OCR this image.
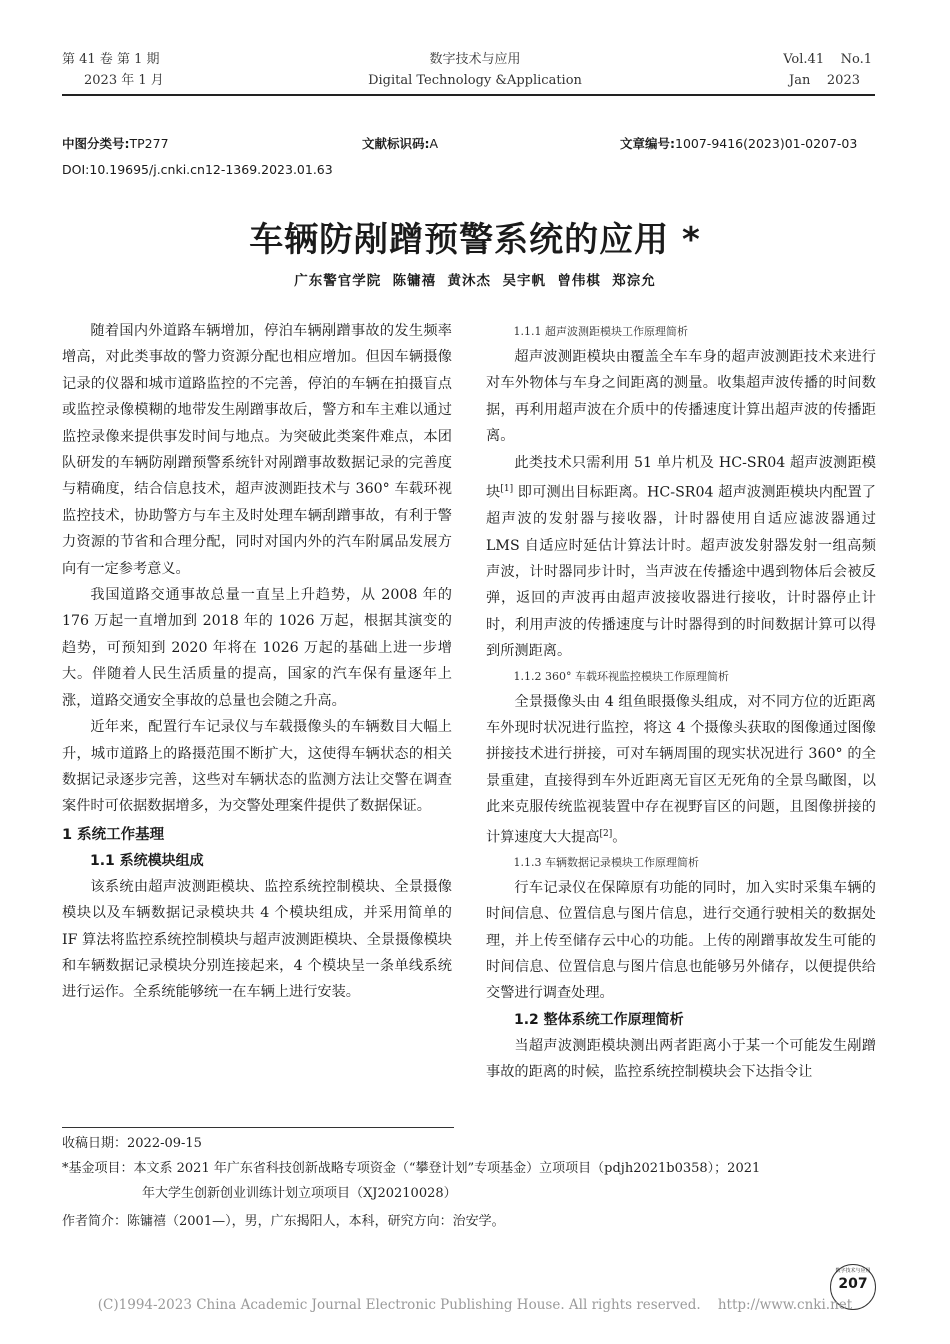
第 41 卷 第 1 期
2023 年 1 月
数字技术与应用
Digital Technology &Application
Vol.41    No.1
Jan    2023
中图分类号:TP277	文献标识码:A	文章编号:1007-9416(2023)01-0207-03
DOI:10.19695/j.cnki.cn12-1369.2023.01.63
车辆防剐蹭预警系统的应用 *
广东警官学院  陈镛禧  黄沐杰  吴宇帆  曾伟棋  郑淙允

随着国内外道路车辆增加，停泊车辆剐蹭事故的发生频率增高，对此类事故的警力资源分配也相应增加。但因车辆摄像记录的仪器和城市道路监控的不完善，停泊的车辆在拍摄盲点或监控录像模糊的地带发生剐蹭事故后，警方和车主难以通过监控录像来提供事发时间与地点。为突破此类案件难点，本团队研发的车辆防剐蹭预警系统针对剐蹭事故数据记录的完善度与精确度，结合信息技术，超声波测距技术与 360° 车载环视监控技术，协助警方与车主及时处理车辆刮蹭事故，有利于警力资源的节省和合理分配，同时对国内外的汽车附属品发展方向有一定参考意义。

我国道路交通事故总量一直呈上升趋势，从 2008 年的 176 万起一直增加到 2018 年的 1026 万起，根据其演变的趋势，可预知到 2020 年将在 1026 万起的基础上进一步增大。伴随着人民生活质量的提高，国家的汽车保有量逐年上涨，道路交通安全事故的总量也会随之升高。

近年来，配置行车记录仪与车载摄像头的车辆数目大幅上升，城市道路上的路摄范围不断扩大，这使得车辆状态的相关数据记录逐步完善，这些对车辆状态的监测方法让交警在调查案件时可依据数据增多，为交警处理案件提供了数据保证。

1 系统工作基理
1.1 系统模块组成

该系统由超声波测距模块、监控系统控制模块、全景摄像模块以及车辆数据记录模块共 4 个模块组成，并采用简单的 IF 算法将监控系统控制模块与超声波测距模块、全景摄像模块和车辆数据记录模块分别连接起来，4 个模块呈一条单线系统进行运作。全系统能够统一在车辆上进行安装。

1.1.1 超声波测距模块工作原理简析

超声波测距模块由覆盖全车车身的超声波测距技术来进行对车外物体与车身之间距离的测量。收集超声波传播的时间数据，再利用超声波在介质中的传播速度计算出超声波的传播距离。

此类技术只需利用 51 单片机及 HC-SR04 超声波测距模块[1] 即可测出目标距离。HC-SR04 超声波测距模块内配置了超声波的发射器与接收器，计时器使用自适应滤波器通过 LMS 自适应时延估计算法计时。超声波发射器发射一组高频声波，计时器同步计时，当声波在传播途中遇到物体后会被反弹，返回的声波再由超声波接收器进行接收，计时器停止计时，利用声波的传播速度与计时器得到的时间数据计算可以得到所测距离。

1.1.2 360° 车载环视监控模块工作原理简析

全景摄像头由 4 组鱼眼摄像头组成，对不同方位的近距离车外现时状况进行监控，将这 4 个摄像头获取的图像通过图像拼接技术进行拼接，可对车辆周围的现实状况进行 360° 的全景重建，直接得到车外近距离无盲区无死角的全景鸟瞰图，以此来克服传统监视装置中存在视野盲区的问题，且图像拼接的计算速度大大提高[2]。

1.1.3 车辆数据记录模块工作原理简析

行车记录仪在保障原有功能的同时，加入实时采集车辆的时间信息、位置信息与图片信息，进行交通行驶相关的数据处理，并上传至储存云中心的功能。上传的剐蹭事故发生可能的时间信息、位置信息与图片信息也能够另外储存，以便提供给交警进行调查处理。

1.2 整体系统工作原理简析

当超声波测距模块测出两者距离小于某一个可能发生剐蹭事故的距离的时候，监控系统控制模块会下达指令让

收稿日期：2022-09-15
*基金项目：本文系 2021 年广东省科技创新战略专项资金（“攀登计划”专项基金）立项项目（pdjh2021b0358）；2021
年大学生创新创业训练计划立项项目（XJ20210028）
作者简介：陈镛禧（2001—），男，广东揭阳人，本科，研究方向：治安学。
数字技术与应用
207
(C)1994-2023 China Academic Journal Electronic Publishing House. All rights reserved.    http://www.cnki.net
